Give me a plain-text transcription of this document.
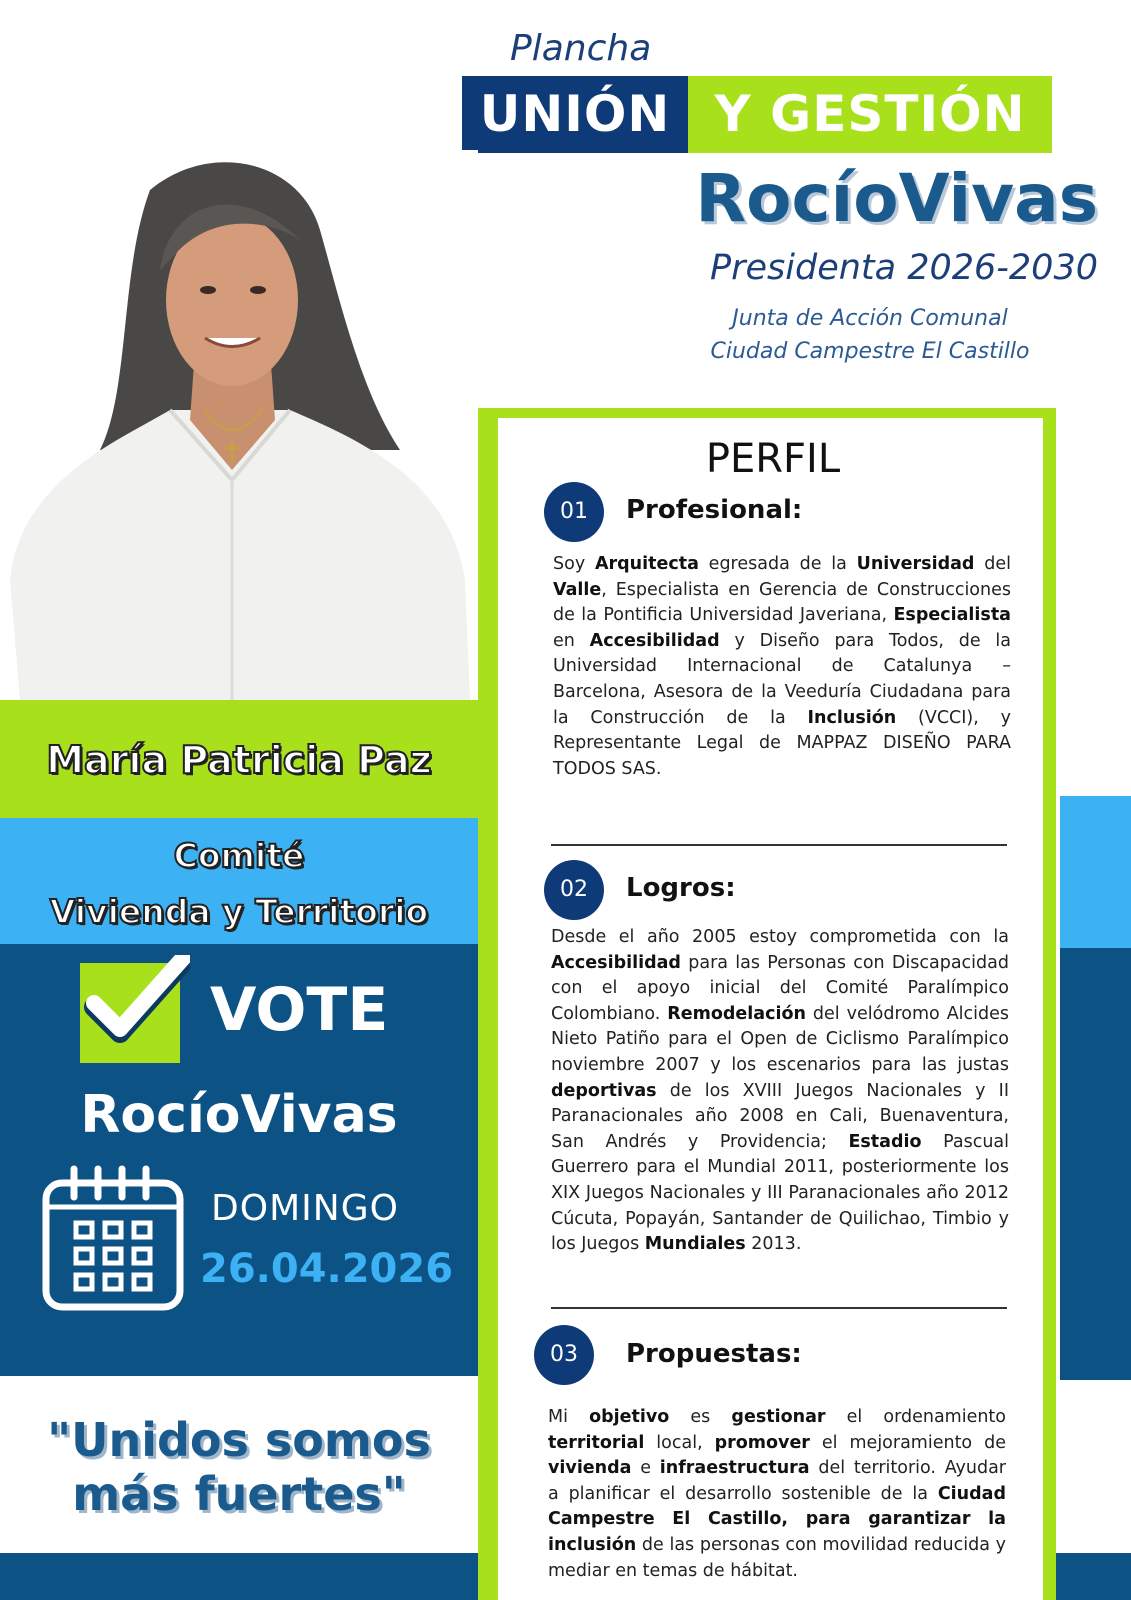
Plancha
UNIÓN Y GESTIÓN
RocíoVivas
Presidenta 2026-2030
Junta de Acción Comunal
Ciudad Campestre El Castillo
María Patricia Paz
Comité
Vivienda y Territorio
VOTE
RocíoVivas
DOMINGO
26.04.2026
"Unidos somos
más fuertes"
PERFIL
01	Profesional:
Soy Arquitecta egresada de la Universidad del Valle, Especialista en Gerencia de Construcciones de la Pontificia Universidad Javeriana, Especialista en Accesibilidad y Diseño para Todos, de la Universidad Internacional de Catalunya – Barcelona, Asesora de la Veeduría Ciudadana para la Construcción de la Inclusión (VCCI), y Representante Legal de MAPPAZ DISEÑO PARA TODOS SAS.
02	Logros:
Desde el año 2005 estoy comprometida con la Accesibilidad para las Personas con Discapacidad con el apoyo inicial del Comité Paralímpico Colombiano. Remodelación del velódromo Alcides Nieto Patiño para el Open de Ciclismo Paralímpico noviembre 2007 y los escenarios para las justas deportivas de los XVIII Juegos Nacionales y II Paranacionales año 2008 en Cali, Buenaventura, San Andrés y Providencia; Estadio Pascual Guerrero para el Mundial 2011, posteriormente los XIX Juegos Nacionales y III Paranacionales año 2012 Cúcuta, Popayán, Santander de Quilichao, Timbio y los Juegos Mundiales 2013.
03	Propuestas:
Mi objetivo es gestionar el ordenamiento territorial local, promover el mejoramiento de vivienda e infraestructura del territorio. Ayudar a planificar el desarrollo sostenible de la Ciudad Campestre El Castillo, para garantizar la inclusión de las personas con movilidad reducida y mediar en temas de hábitat.
